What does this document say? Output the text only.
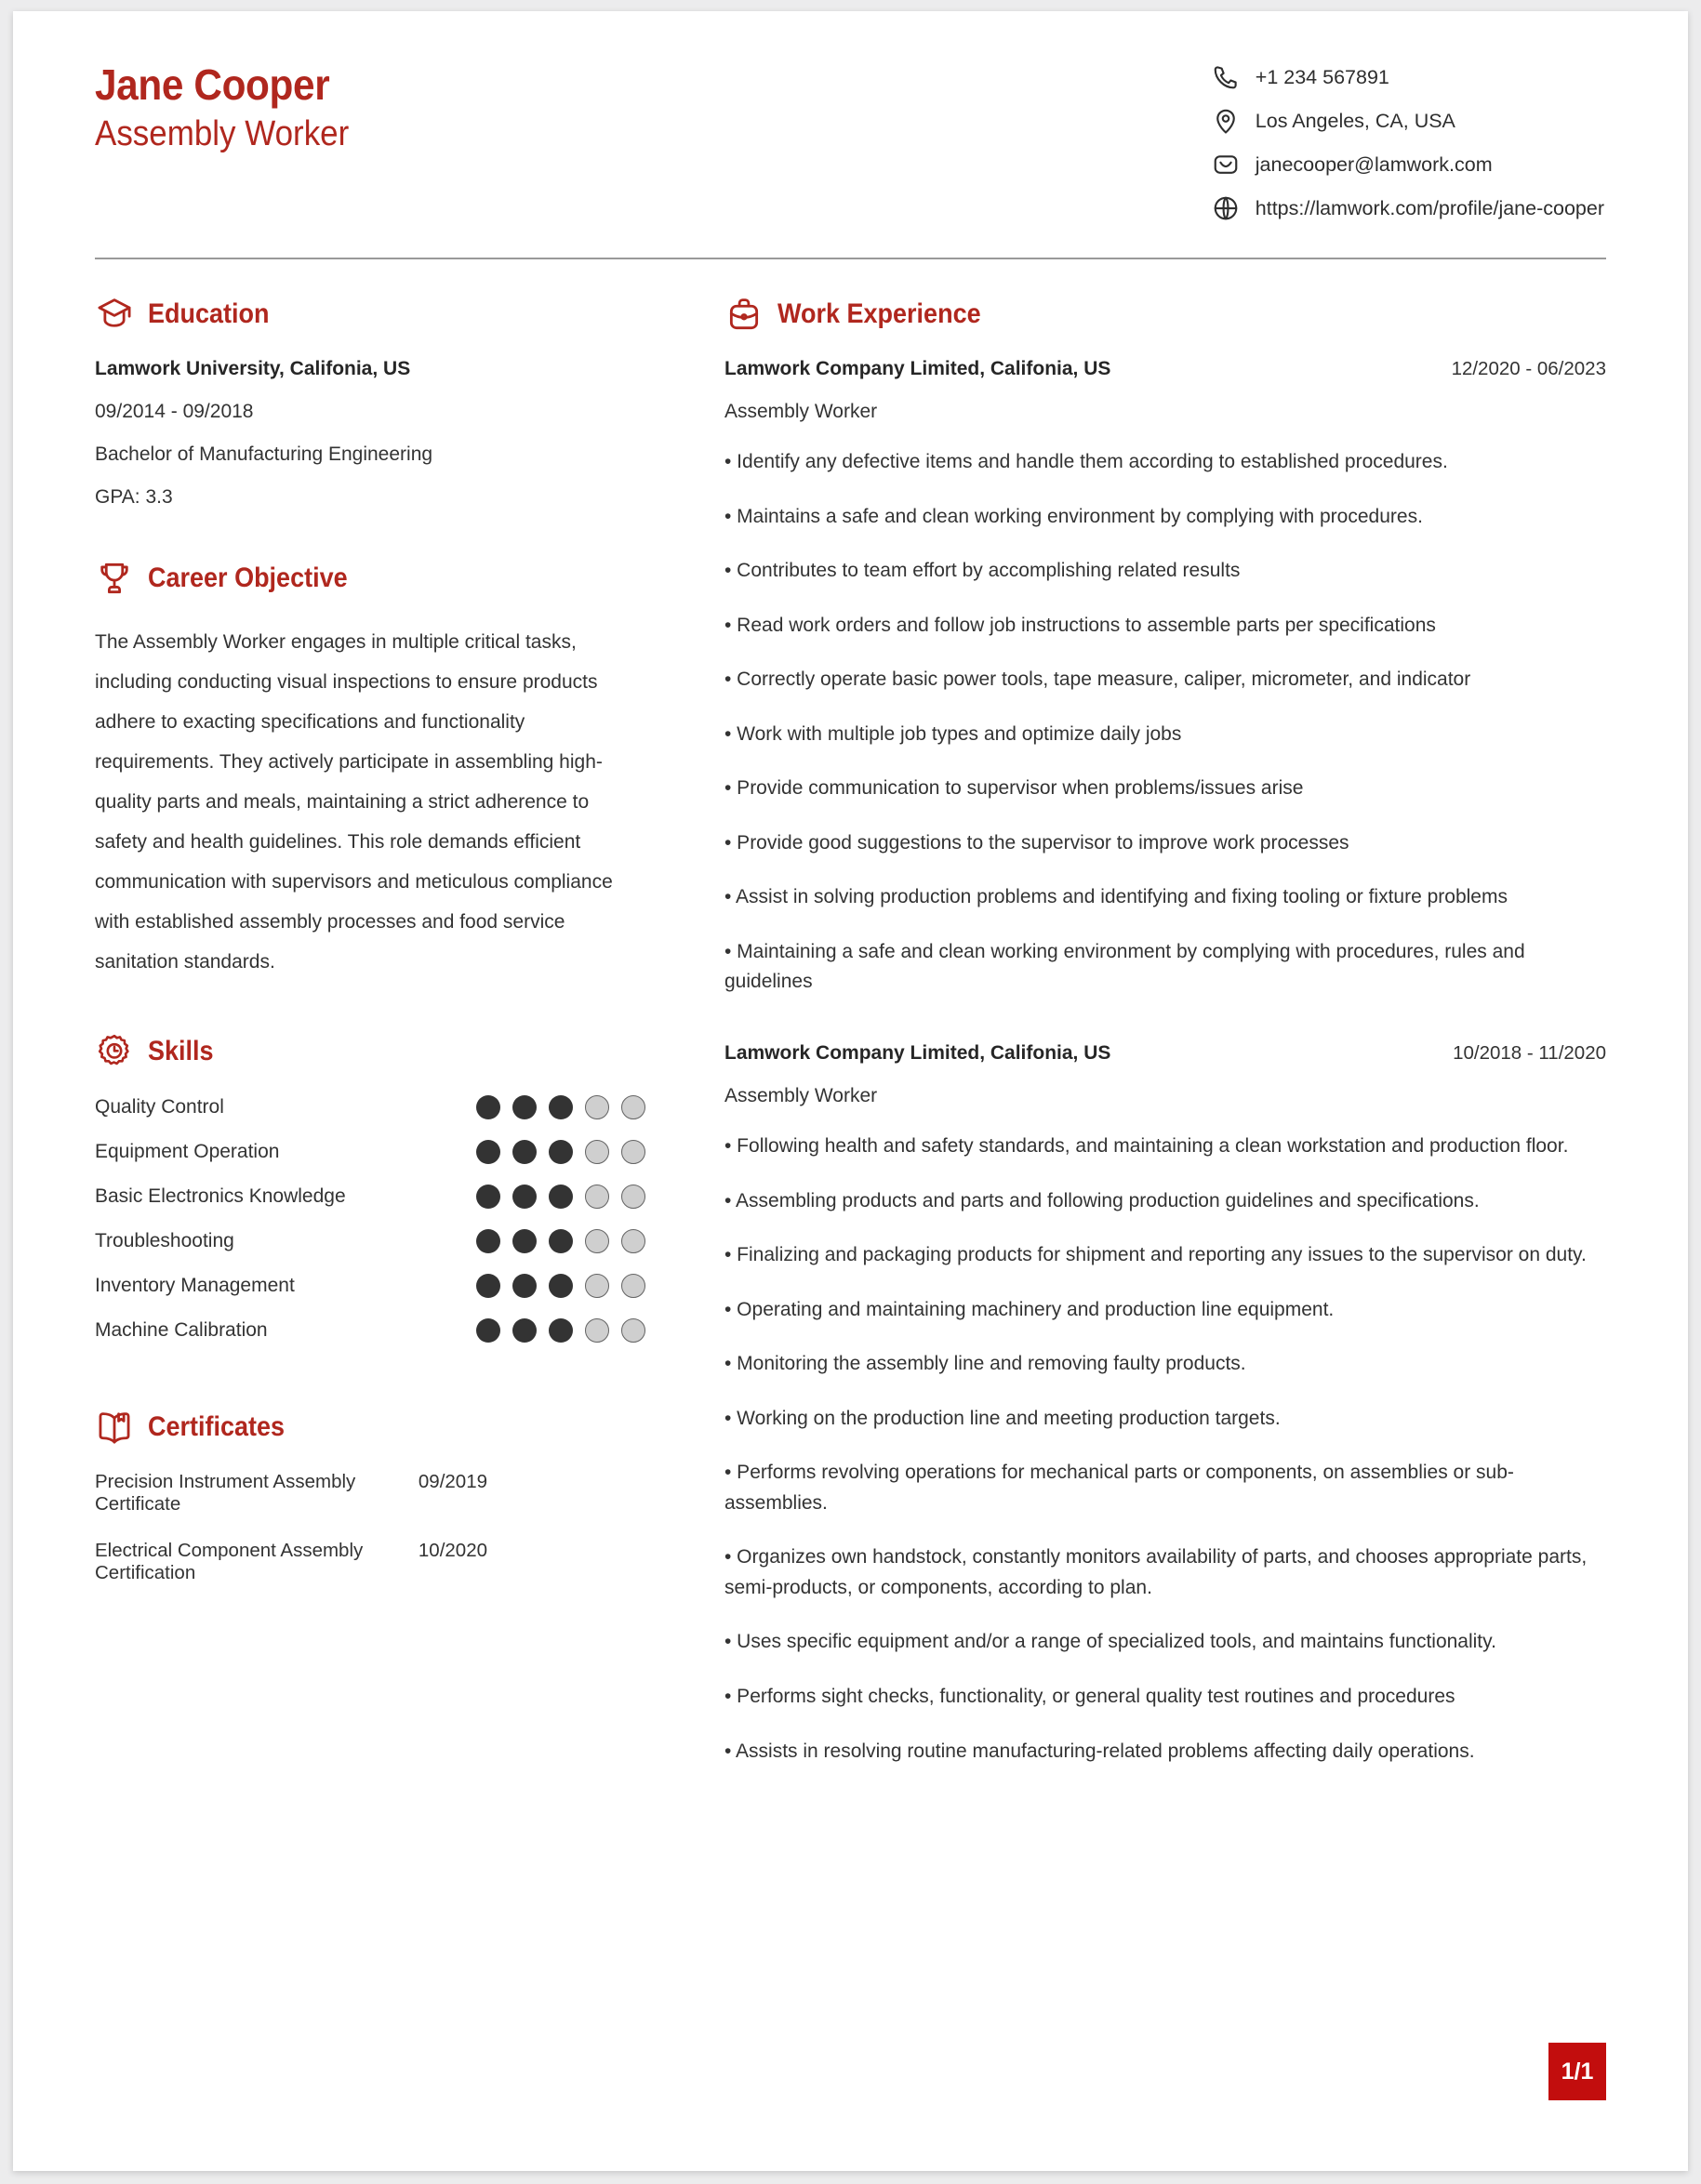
Jane Cooper
Assembly Worker
+1 234 567891
Los Angeles, CA, USA
janecooper@lamwork.com
https://lamwork.com/profile/jane-cooper
Education
Lamwork University, Califonia, US
09/2014 - 09/2018
Bachelor of Manufacturing Engineering
GPA: 3.3
Career Objective
The Assembly Worker engages in multiple critical tasks, including conducting visual inspections to ensure products adhere to exacting specifications and functionality requirements. They actively participate in assembling high-quality parts and meals, maintaining a strict adherence to safety and health guidelines. This role demands efficient communication with supervisors and meticulous compliance with established assembly processes and food service sanitation standards.
Skills
Quality Control
Equipment Operation
Basic Electronics Knowledge
Troubleshooting
Inventory Management
Machine Calibration
Certificates
Precision Instrument Assembly Certificate
09/2019
Electrical Component Assembly Certification
10/2020
Work Experience
Lamwork Company Limited, Califonia, US	12/2020 - 06/2023
Assembly Worker
• Identify any defective items and handle them according to established procedures.
• Maintains a safe and clean working environment by complying with procedures.
• Contributes to team effort by accomplishing related results
• Read work orders and follow job instructions to assemble parts per specifications
• Correctly operate basic power tools, tape measure, caliper, micrometer, and indicator
• Work with multiple job types and optimize daily jobs
• Provide communication to supervisor when problems/issues arise
• Provide good suggestions to the supervisor to improve work processes
• Assist in solving production problems and identifying and fixing tooling or fixture problems
• Maintaining a safe and clean working environment by complying with procedures, rules and guidelines
Lamwork Company Limited, Califonia, US	10/2018 - 11/2020
Assembly Worker
• Following health and safety standards, and maintaining a clean workstation and production floor.
• Assembling products and parts and following production guidelines and specifications.
• Finalizing and packaging products for shipment and reporting any issues to the supervisor on duty.
• Operating and maintaining machinery and production line equipment.
• Monitoring the assembly line and removing faulty products.
• Working on the production line and meeting production targets.
• Performs revolving operations for mechanical parts or components, on assemblies or sub-assemblies.
• Organizes own handstock, constantly monitors availability of parts, and chooses appropriate parts, semi-products, or components, according to plan.
• Uses specific equipment and/or a range of specialized tools, and maintains functionality.
• Performs sight checks, functionality, or general quality test routines and procedures
• Assists in resolving routine manufacturing-related problems affecting daily operations.
1/1
